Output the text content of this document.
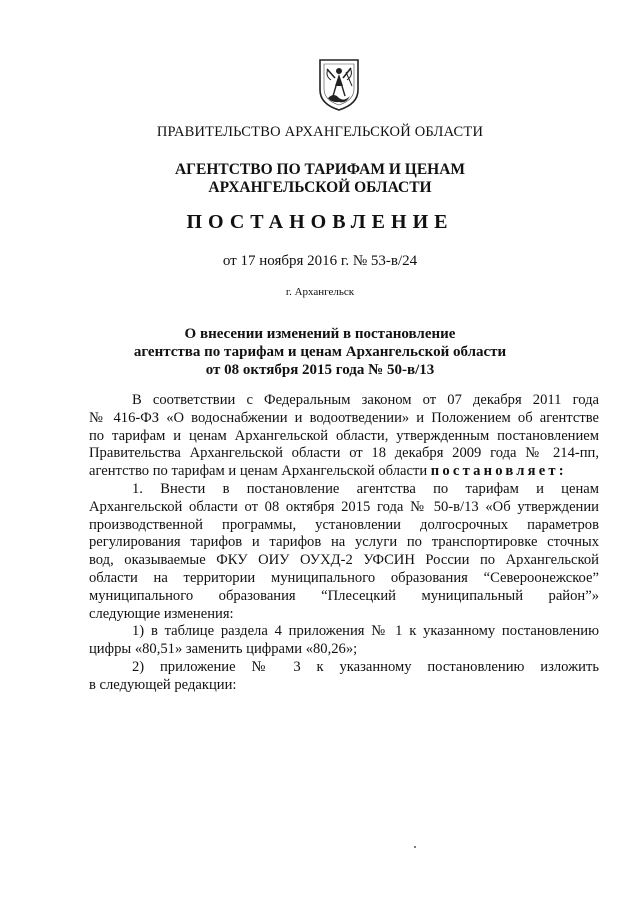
ПРАВИТЕЛЬСТВО АРХАНГЕЛЬСКОЙ ОБЛАСТИ
АГЕНТСТВО ПО ТАРИФАМ И ЦЕНАМ
АРХАНГЕЛЬСКОЙ ОБЛАСТИ
ПОСТАНОВЛЕНИЕ
от 17 ноября 2016 г. № 53-в/24
г. Архангельск
О внесении изменений в постановление
агентства по тарифам и ценам Архангельской области
от 08 октября 2015 года № 50-в/13
В соответствии с Федеральным законом от 07 декабря 2011 года
№ 416-ФЗ «О водоснабжении и водоотведении» и Положением об агентстве
по тарифам и ценам Архангельской области, утвержденным постановлением
Правительства Архангельской области от 18 декабря 2009 года № 214-пп,
агентство по тарифам и ценам Архангельской области постановляет:
1. Внести в постановление агентства по тарифам и ценам
Архангельской области от 08 октября 2015 года № 50-в/13 «Об утверждении
производственной программы, установлении долгосрочных параметров
регулирования тарифов и тарифов на услуги по транспортировке сточных
вод, оказываемые ФКУ ОИУ ОУХД-2 УФСИН России по Архангельской
области на территории муниципального образования “Североонежское”
муниципального образования “Плесецкий муниципальный район”»
следующие изменения:
1) в таблице раздела 4 приложения № 1 к указанному постановлению
цифры «80,51» заменить цифрами «80,26»;
2) приложение № 3 к указанному постановлению изложить
в следующей редакции:
